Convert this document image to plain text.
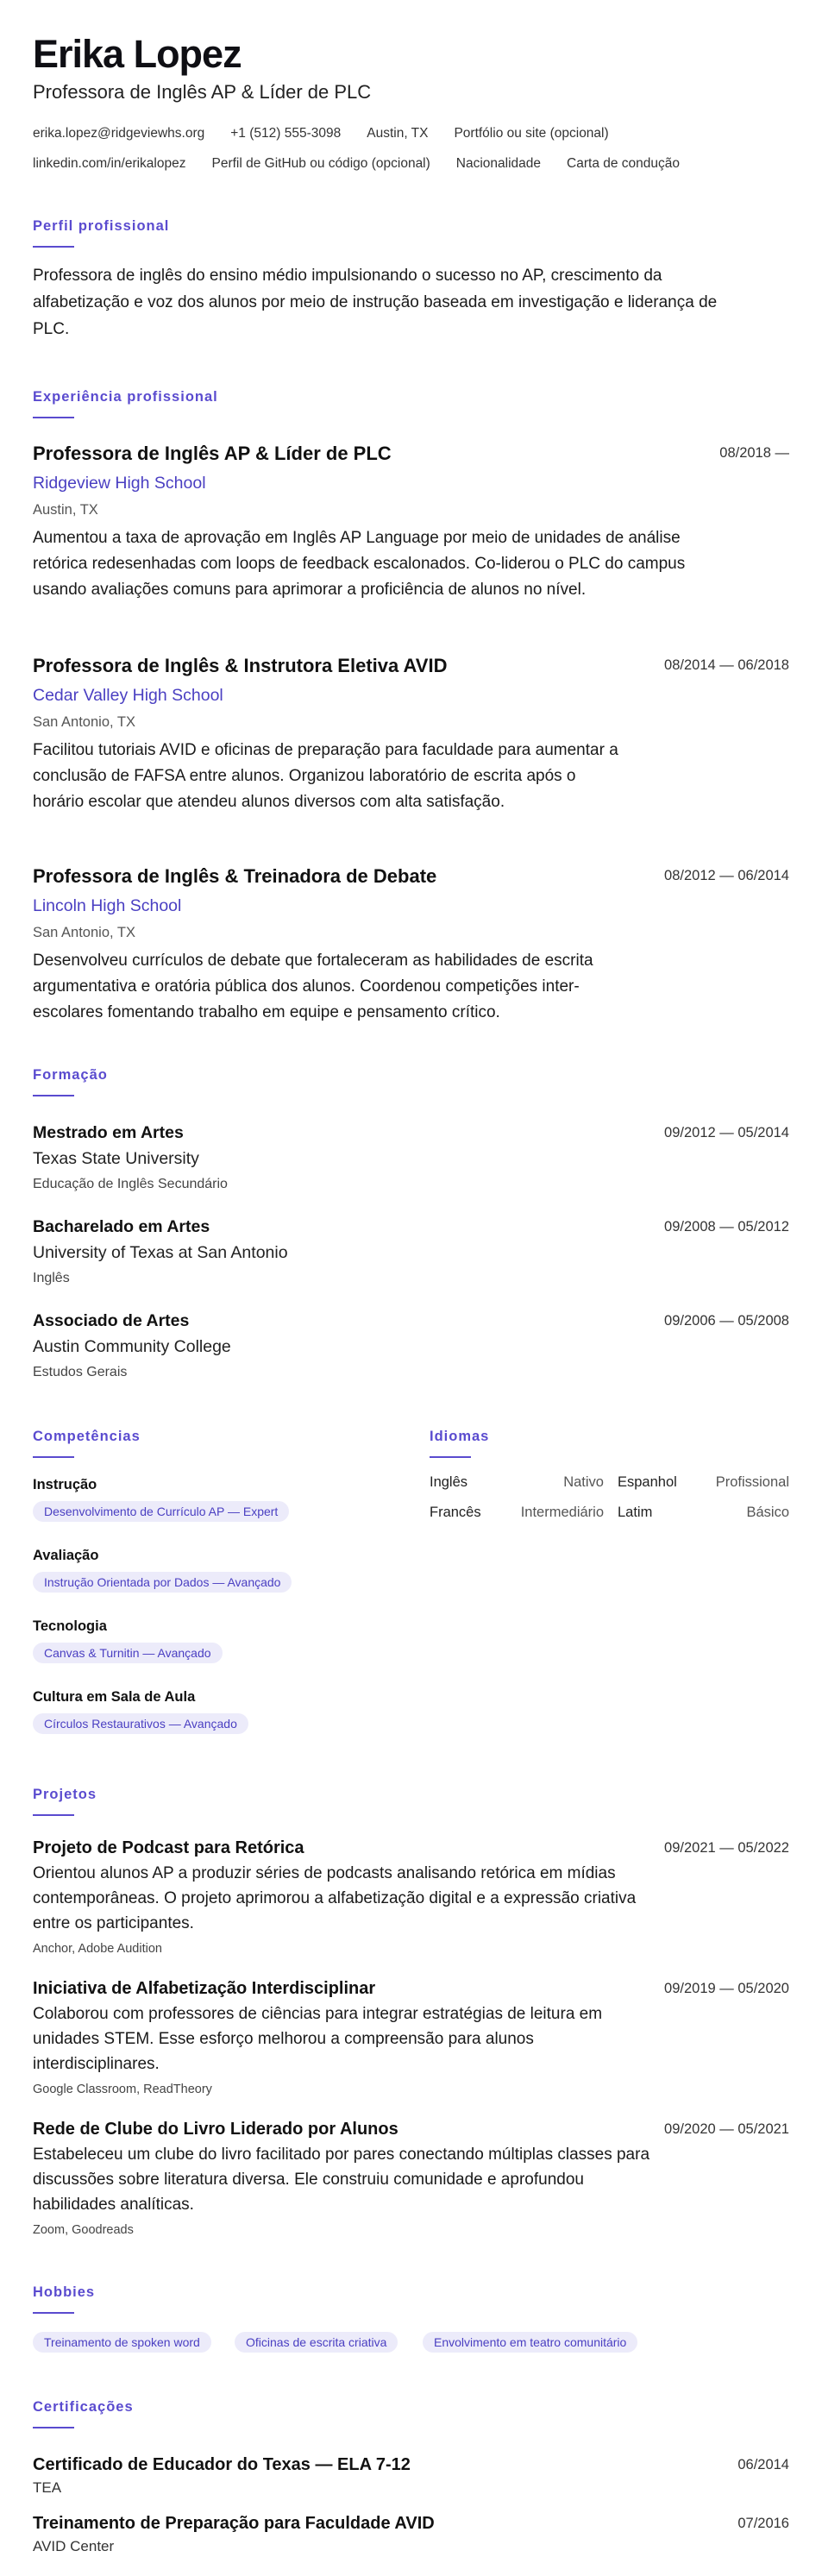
Erika Lopez
Professora de Inglês AP & Líder de PLC
erika.lopez@ridgeviewhs.org +1 (512) 555-3098 Austin, TX Portfólio ou site (opcional)
linkedin.com/in/erikalopez Perfil de GitHub ou código (opcional) Nacionalidade Carta de condução
Perfil profissional
Professora de inglês do ensino médio impulsionando o sucesso no AP, crescimento da alfabetização e voz dos alunos por meio de instrução baseada em investigação e liderança de PLC.
Experiência profissional
Professora de Inglês AP & Líder de PLC	08/2018 —
Ridgeview High School
Austin, TX
Aumentou a taxa de aprovação em Inglês AP Language por meio de unidades de análise retórica redesenhadas com loops de feedback escalonados. Co-liderou o PLC do campus usando avaliações comuns para aprimorar a proficiência de alunos no nível.
Professora de Inglês & Instrutora Eletiva AVID	08/2014 — 06/2018
Cedar Valley High School
San Antonio, TX
Facilitou tutoriais AVID e oficinas de preparação para faculdade para aumentar a conclusão de FAFSA entre alunos. Organizou laboratório de escrita após o horário escolar que atendeu alunos diversos com alta satisfação.
Professora de Inglês & Treinadora de Debate	08/2012 — 06/2014
Lincoln High School
San Antonio, TX
Desenvolveu currículos de debate que fortaleceram as habilidades de escrita argumentativa e oratória pública dos alunos. Coordenou competições inter-escolares fomentando trabalho em equipe e pensamento crítico.
Formação
Mestrado em Artes	09/2012 — 05/2014
Texas State University
Educação de Inglês Secundário
Bacharelado em Artes	09/2008 — 05/2012
University of Texas at San Antonio
Inglês
Associado de Artes	09/2006 — 05/2008
Austin Community College
Estudos Gerais
Competências
Instrução
Desenvolvimento de Currículo AP — Expert
Avaliação
Instrução Orientada por Dados — Avançado
Tecnologia
Canvas & Turnitin — Avançado
Cultura em Sala de Aula
Círculos Restaurativos — Avançado
Idiomas
Inglês	Nativo Espanhol	Profissional
Francês	Intermediário Latim	Básico
Projetos
Projeto de Podcast para Retórica	09/2021 — 05/2022
Orientou alunos AP a produzir séries de podcasts analisando retórica em mídias contemporâneas. O projeto aprimorou a alfabetização digital e a expressão criativa entre os participantes.
Anchor, Adobe Audition
Iniciativa de Alfabetização Interdisciplinar	09/2019 — 05/2020
Colaborou com professores de ciências para integrar estratégias de leitura em unidades STEM. Esse esforço melhorou a compreensão para alunos interdisciplinares.
Google Classroom, ReadTheory
Rede de Clube do Livro Liderado por Alunos	09/2020 — 05/2021
Estabeleceu um clube do livro facilitado por pares conectando múltiplas classes para discussões sobre literatura diversa. Ele construiu comunidade e aprofundou habilidades analíticas.
Zoom, Goodreads
Hobbies
Treinamento de spoken word	Oficinas de escrita criativa	Envolvimento em teatro comunitário
Certificações
Certificado de Educador do Texas — ELA 7-12	06/2014
TEA
Treinamento de Preparação para Faculdade AVID	07/2016
AVID Center
